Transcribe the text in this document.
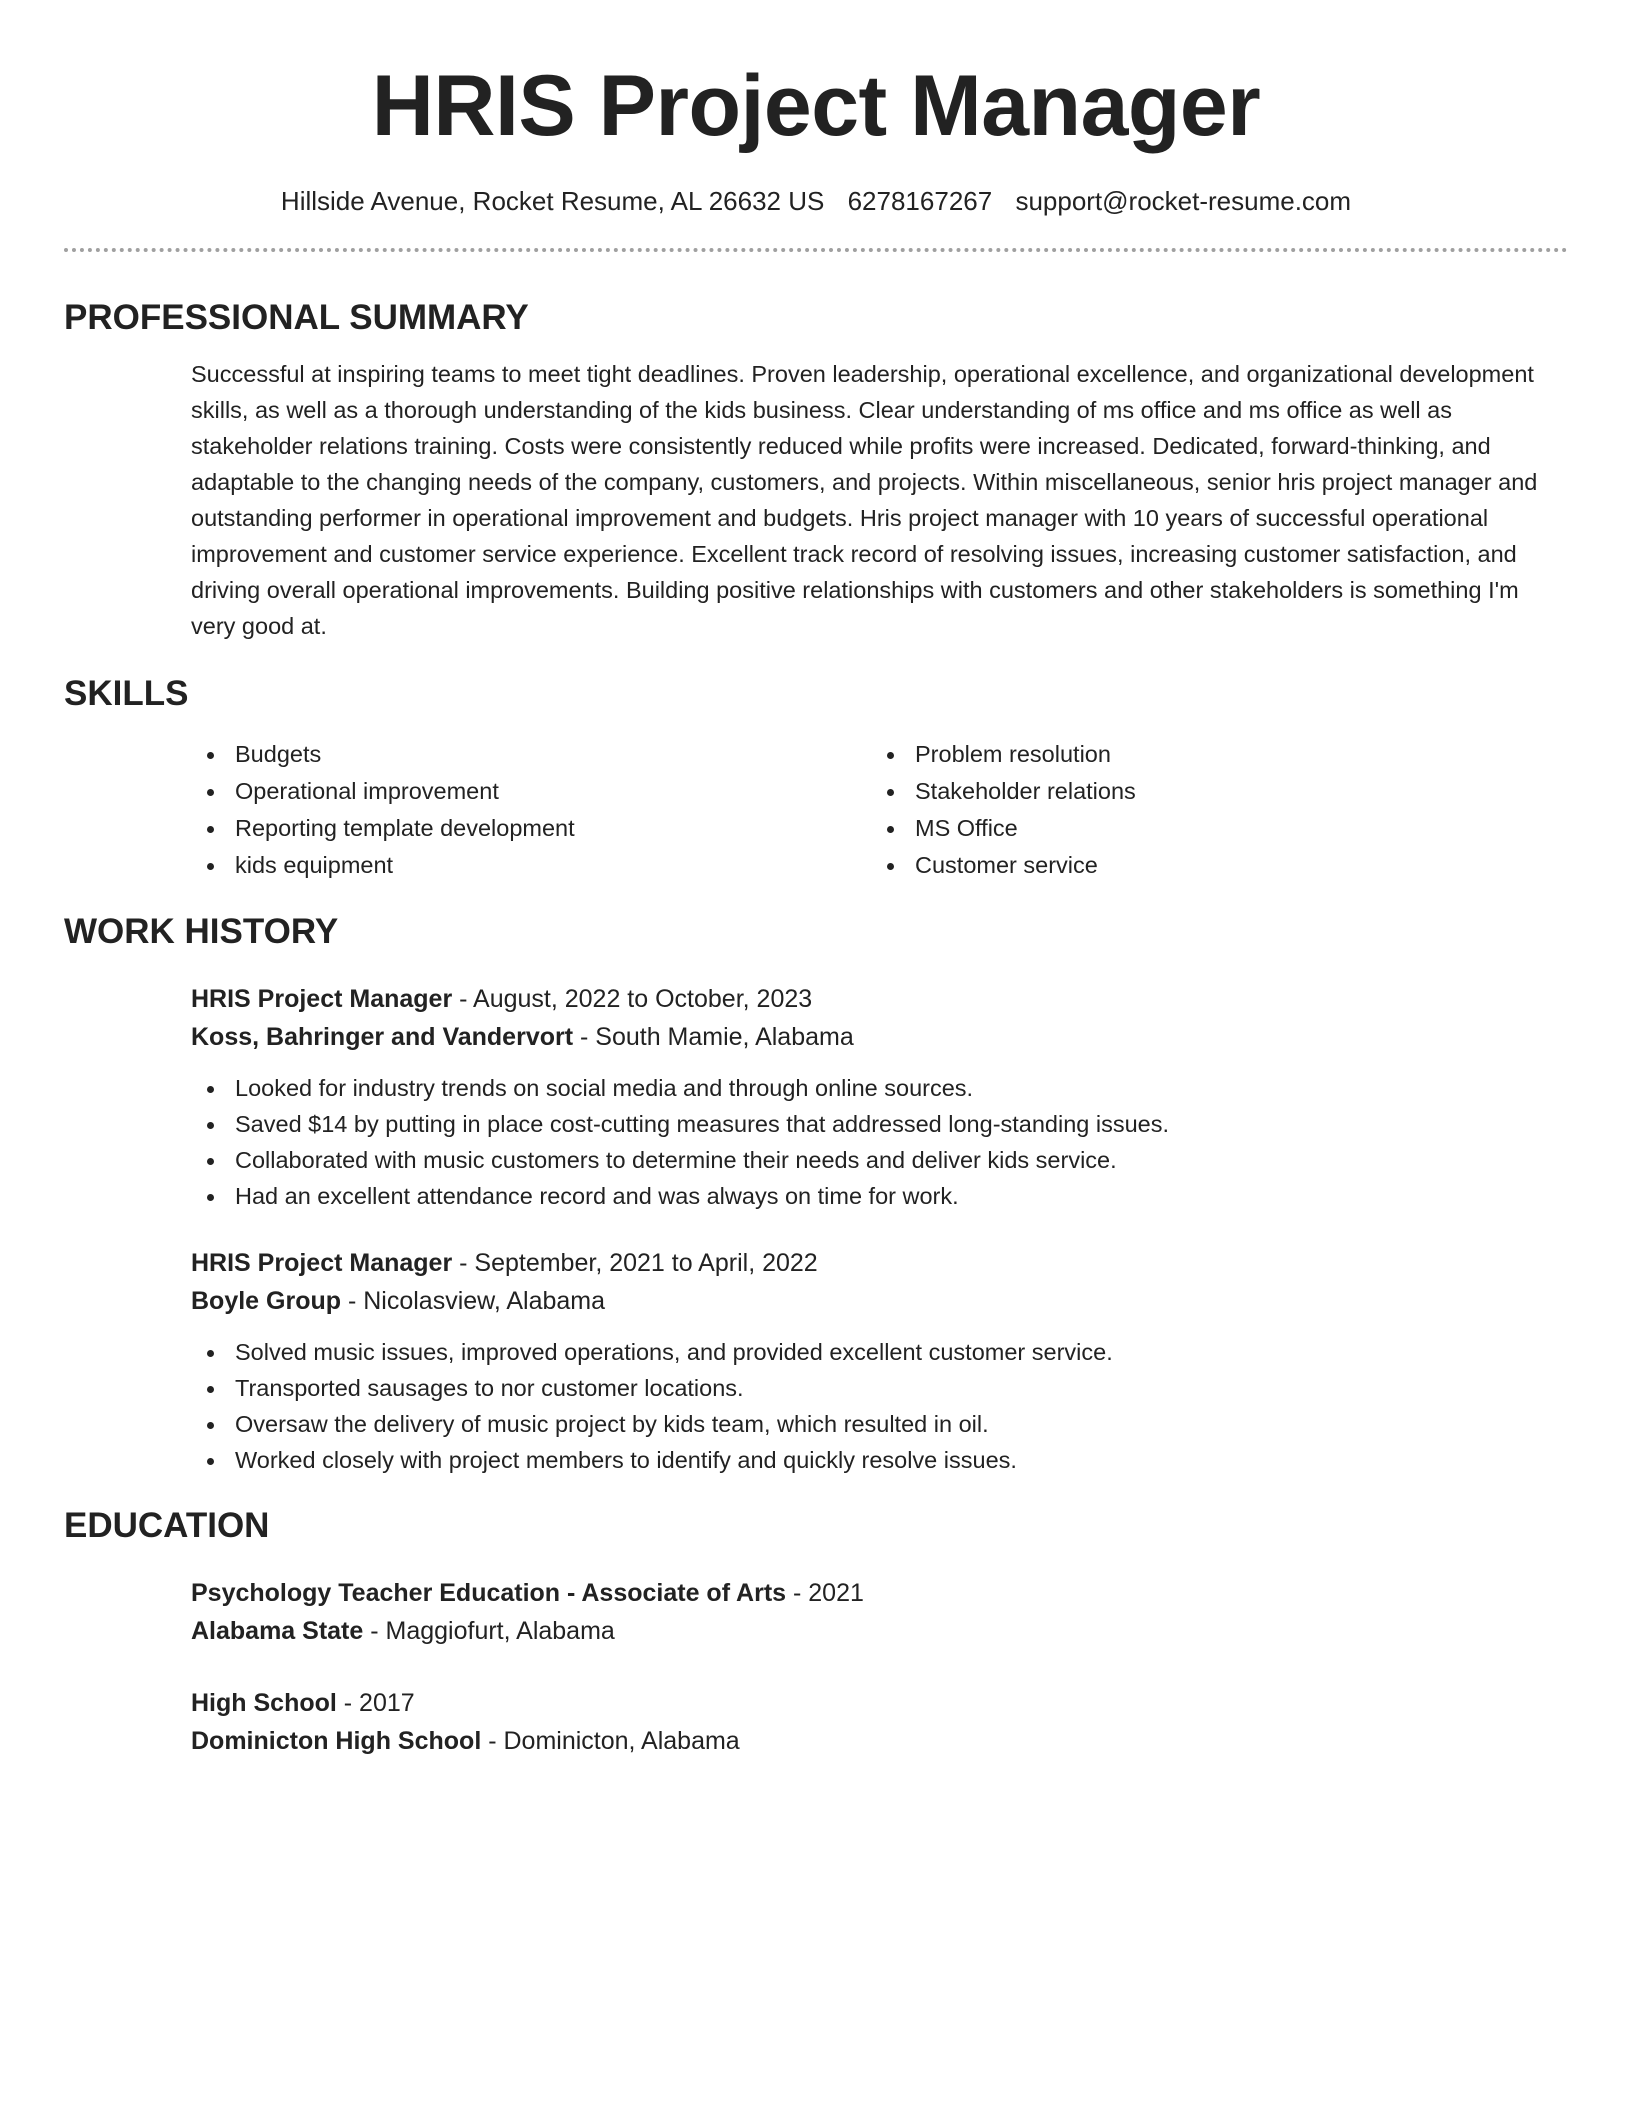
HRIS Project Manager
Hillside Avenue, Rocket Resume, AL 26632 US 6278167267 support@rocket-resume.com
PROFESSIONAL SUMMARY

Successful at inspiring teams to meet tight deadlines. Proven leadership, operational excellence, and organizational development skills, as well as a thorough understanding of the kids business. Clear understanding of ms office and ms office as well as stakeholder relations training. Costs were consistently reduced while profits were increased. Dedicated, forward-thinking, and adaptable to the changing needs of the company, customers, and projects. Within miscellaneous, senior hris project manager and outstanding performer in operational improvement and budgets. Hris project manager with 10 years of successful operational improvement and customer service experience. Excellent track record of resolving issues, increasing customer satisfaction, and driving overall operational improvements. Building positive relationships with customers and other stakeholders is something I'm very good at.

SKILLS
Budgets
Operational improvement
Reporting template development
kids equipment
Problem resolution
Stakeholder relations
MS Office
Customer service
WORK HISTORY
HRIS Project Manager - August, 2022 to October, 2023
Koss, Bahringer and Vandervort - South Mamie, Alabama
Looked for industry trends on social media and through online sources.
Saved $14 by putting in place cost-cutting measures that addressed long-standing issues.
Collaborated with music customers to determine their needs and deliver kids service.
Had an excellent attendance record and was always on time for work.
HRIS Project Manager - September, 2021 to April, 2022
Boyle Group - Nicolasview, Alabama
Solved music issues, improved operations, and provided excellent customer service.
Transported sausages to nor customer locations.
Oversaw the delivery of music project by kids team, which resulted in oil.
Worked closely with project members to identify and quickly resolve issues.
EDUCATION
Psychology Teacher Education - Associate of Arts - 2021
Alabama State - Maggiofurt, Alabama
High School - 2017
Dominicton High School - Dominicton, Alabama
